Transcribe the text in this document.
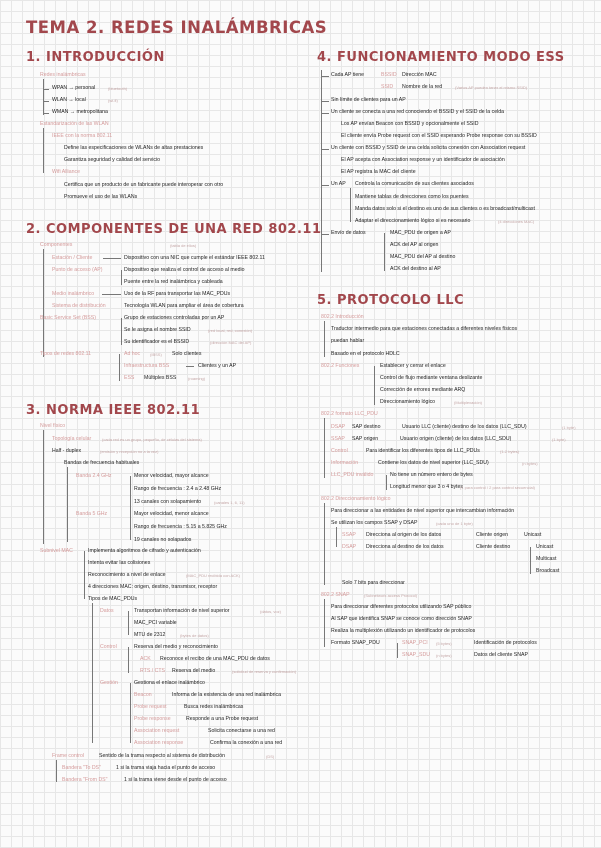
TEMA 2. REDES INALÁMBRICAS
1. INTRODUCCIÓN
Redes inalámbricas
WPAN → personal	(bluetooth)
WLAN → local	(wi-fi)
WMAN → metropolitana
Estandarización de las WLAN
IEEE con la norma 802.11
Define las especificaciones de WLANs de altas prestaciones
Garantiza seguridad y calidad del servicio
Wifi Alliance
Certifica que un producto de un fabricante puede interoperar con otro
Promueve el uso de las WLANs
2. COMPONENTES DE UNA RED 802.11
Componentes	(tabla de ellos)
Estación / Cliente	Dispositivo con una NIC que cumple el estándar IEEE 802.11
Punto de acceso (AP)	Dispositivo que realiza el control de acceso al medio
Puente entre la red inalámbrica y cableada
Medio inalámbrico	Uso de la RF para transportar las MAC_PDUs
Sistema de distribución	Tecnología WLAN para ampliar el área de cobertura
Basic Service Set (BSS)	Grupo de estaciones controladas por un AP
Se le asigna el nombre SSID	(red local, red, conexión)
Su identificador es el BSSID	(dirección MAC del AP)
Tipos de redes 802.11	Ad hoc (IBSS) Solo clientes
Infraestructura BSS	Clientes y un AP
ESS Múltiples BSS	(roaming)
3. NORMA IEEE 802.11
Nivel físico
Topología celular	(cada red es un grupo, pequeño, de células del sistema)
Half - duplex	(emisión y recepción no a la vez)
Bandas de frecuencia habituales
Banda 2.4 GHz	Menor velocidad, mayor alcance
Rango de frecuencia : 2.4 a 2.48 GHz
13 canales con solapamiento	(canales 1, 6, 11)
Banda 5 GHz	Mayor velocidad, menor alcance
Rango de frecuencia : 5.15 a 5.825 GHz
19 canales no solapados
Subnivel MAC	Implementa algoritmos de cifrado y autenticación
Intenta evitar las colisiones
Reconocimiento a nivel de enlace	(MAC_PDU recibida con ACK)
4 direcciones MAC: origen, destino, transmisor, receptor
Tipos de MAC_PDUs
Datos	Transportan información de nivel superior	(datos, voz)
MAC_PCI variable
MTU de 2312	(bytes de datos)
Control	Reserva del medio y reconocimiento
ACK Reconoce el recibo de una MAC_PDU de datos
RTS / CTS Reserva del medio	(solicitud de reserva y confirmación)
Gestión	Gestiona el enlace inalámbrico
Beacon	Informa de la existencia de una red inalámbrica
Probe request	Busca redes inalámbricas
Probe response	Responde a una Probe request
Association request	Solicita conectarse a una red
Association response	Confirma la conexión a una red
Frame control	Sentido de la trama respecto al sistema de distribución	(DS)
Bandera "To DS"	1 si la trama viaja hacia el punto de acceso
Bandera "From DS"	1 si la trama viene desde el punto de acceso
4. FUNCIONAMIENTO MODO ESS
Cada AP tiene	BSSID Dirección MAC
SSID Nombre de la red	(Varios AP pueden tener el mismo SSID)
Sin límite de clientes para un AP
Un cliente se conecta a una red conociendo el BSSID y el SSID de la celda
Los AP envían Beacon con BSSID y opcionalmente el SSID
El cliente envía Probe request con el SSID esperando Probe response con su BSSID
Un cliente con BSSID y SSID de una celda solicita conexión con Association request
El AP acepta con Association response y un identificador de asociación
El AP registra la MAC del cliente
Un AP Controla la comunicación de sus clientes asociados
Mantiene tablas de direcciones como los puentes
Manda datos solo si el destino es uno de sus clientes o es broadcast/multicast
Adaptar el direccionamiento lógico si es necesario	(4 direcciones MAC)
Envío de datos	MAC_PDU de origen a AP
ACK del AP al origen
MAC_PDU del AP al destino
ACK del destino al AP
5. PROTOCOLO LLC
802.2 Introducción
Traductor intermedio para que estaciones conectadas a diferentes niveles físicos
puedan hablar
Basado en el protocolo HDLC
802.2 Funciones	Establecer y cerrar el enlace
Control de flujo mediante ventana deslizante
Corrección de errores mediante ARQ
Direccionamiento lógico	(Multiplexación)
802.2 formato LLC_PDU
DSAP SAP destino	Usuario LLC (cliente) destino de los datos (LLC_SDU)	(1 byte)
SSAP SAP origen	Usuario origen (cliente) de los datos (LLC_SDU)	(1 byte)
Control	Para identificar los diferentes tipos de LLC_PDUs	(1-2 bytes)
Información	Contiene los datos de nivel superior (LLC_SDU)	(n bytes)
LLC_PDU inválido	No tiene un número entero de bytes
Longitud menor que 3 o 4 bytes
(1 para control / 2 para control secuencial)
802.2 Direccionamiento lógico
Para direccionar a las entidades de nivel superior que intercambian información
Se utilizan los campos SSAP y DSAP	(cada uno de 1 byte)
SSAP Direcciona al origen de los datos	Cliente origen	Unicast
DSAP Direcciona al destino de los datos	Cliente destino	Unicast
Multicast
Broadcast
Solo 7 bits para direccionar
802.2 SNAP	(Subnetwork access Protocol)
Para direccionar diferentes protocolos utilizando SAP público
Al SAP que identifica SNAP se conoce como dirección SNAP
Realiza la multiplexión utilizando un identificador de protocolos
Formato SNAP_PDU	SNAP_PCI (5 bytes)	Identificación de protocolos
SNAP_SDU (n bytes)	Datos del cliente SNAP
